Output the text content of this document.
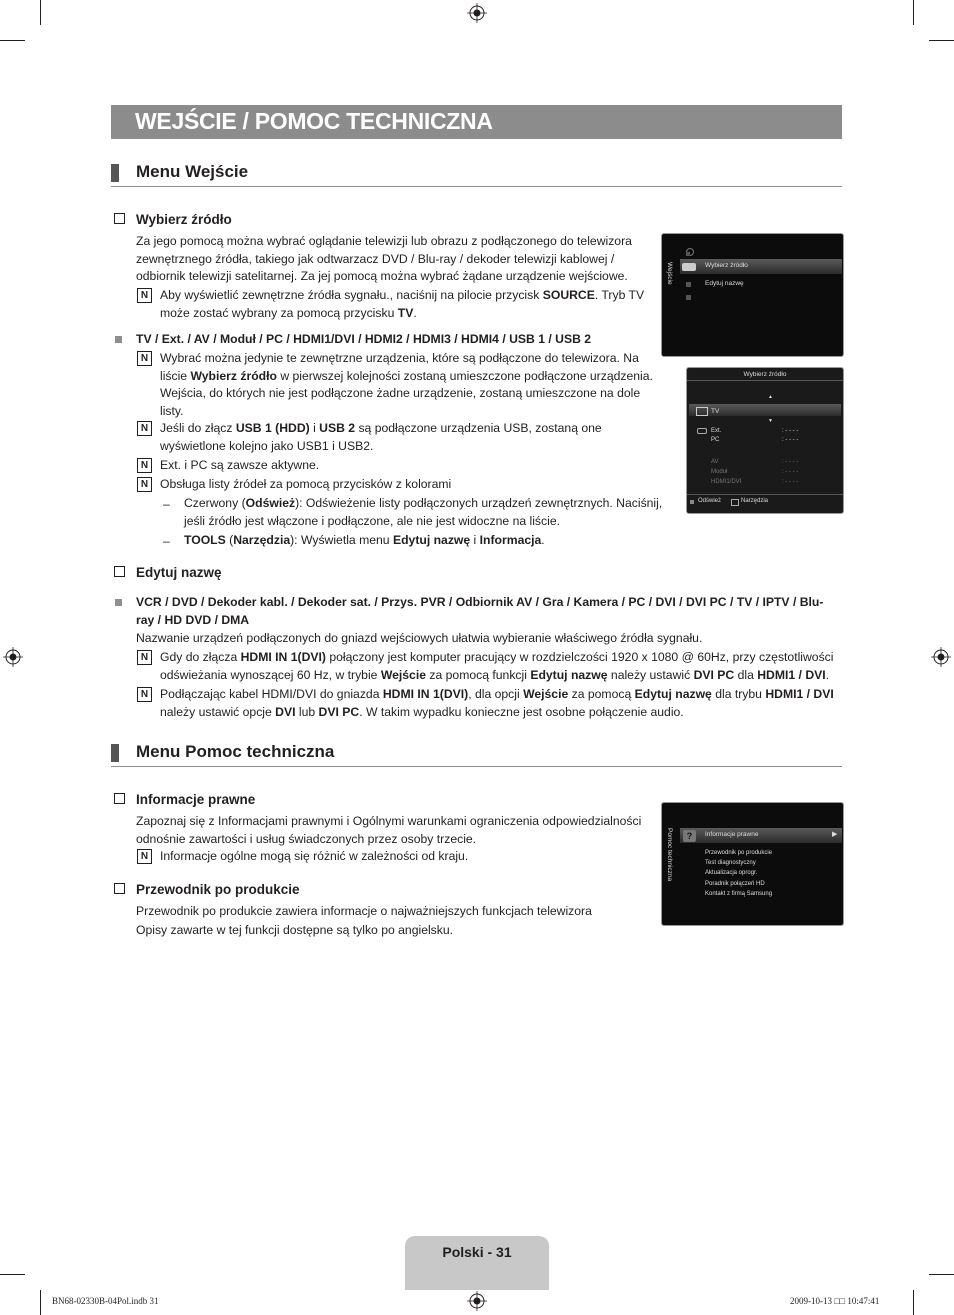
WEJŚCIE / POMOC TECHNICZNA
Menu Wejście
Wybierz źródło
Za jego pomocą można wybrać oglądanie telewizji lub obrazu z podłączonego do telewizora zewnętrznego źródła, takiego jak odtwarzacz DVD / Blu-ray / dekoder telewizji kablowej / odbiornik telewizji satelitarnej. Za jej pomocą można wybrać żądane urządzenie wejściowe.
N Aby wyświetlić zewnętrzne źródła sygnału., naciśnij na pilocie przycisk SOURCE. Tryb TV może zostać wybrany za pomocą przycisku TV.
TV / Ext. / AV / Moduł / PC / HDMI1/DVI / HDMI2 / HDMI3 / HDMI4 / USB 1 / USB 2
N Wybrać można jedynie te zewnętrzne urządzenia, które są podłączone do telewizora. Na liście Wybierz źródło w pierwszej kolejności zostaną umieszczone podłączone urządzenia. Wejścia, do których nie jest podłączone żadne urządzenie, zostaną umieszczone na dole listy.
N Jeśli do złącz USB 1 (HDD) i USB 2 są podłączone urządzenia USB, zostaną one wyświetlone kolejno jako USB1 i USB2.
N Ext. i PC są zawsze aktywne.
N Obsługa listy źródeł za pomocą przycisków z kolorami
– Czerwony (Odśwież): Odświeżenie listy podłączonych urządzeń zewnętrznych. Naciśnij, jeśli źródło jest włączone i podłączone, ale nie jest widoczne na liście.
– TOOLS (Narzędzia): Wyświetla menu Edytuj nazwę i Informacja.
Edytuj nazwę
VCR / DVD / Dekoder kabl. / Dekoder sat. / Przys. PVR / Odbiornik AV / Gra / Kamera / PC / DVI / DVI PC / TV / IPTV / Blu-ray / HD DVD / DMA
Nazwanie urządzeń podłączonych do gniazd wejściowych ułatwia wybieranie właściwego źródła sygnału.
N Gdy do złącza HDMI IN 1(DVI) połączony jest komputer pracujący w rozdzielczości 1920 x 1080 @ 60Hz, przy częstotliwości odświeżania wynoszącej 60 Hz, w trybie Wejście za pomocą funkcji Edytuj nazwę należy ustawić DVI PC dla HDMI1 / DVI.
N Podłączając kabel HDMI/DVI do gniazda HDMI IN 1(DVI), dla opcji Wejście za pomocą Edytuj nazwę dla trybu HDMI1 / DVI należy ustawić opcje DVI lub DVI PC. W takim wypadku konieczne jest osobne połączenie audio.
Menu Pomoc techniczna
Informacje prawne
Zapoznaj się z Informacjami prawnymi i Ogólnymi warunkami ograniczenia odpowiedzialności odnośnie zawartości i usług świadczonych przez osoby trzecie.
N Informacje ogólne mogą się różnić w zależności od kraju.
Przewodnik po produkcie
Przewodnik po produkcie zawiera informacje o najważniejszych funkcjach telewizora
Opisy zawarte w tej funkcji dostępne są tylko po angielsku.
Wejście	Wybierz źródło
Edytuj nazwę
Wybierz źródło
▲
TV
▼
Ext.	: - - - -
PC	: - - - -
AV	: - - - -
Moduł	: - - - -
HDMI1/DVI	: - - - -
Odśwież	Narzędzia
Pomoc techniczna	?	Informacje prawne	▶
Przewodnik po produkcie
Test diagnostyczny
Aktualizacja oprogr.
Poradnik połączeń HD
Kontakt z firmą Samsung
Polski - 31
BN68-02330B-04Pol.indb 31	2009-10-13 □□ 10:47:41
